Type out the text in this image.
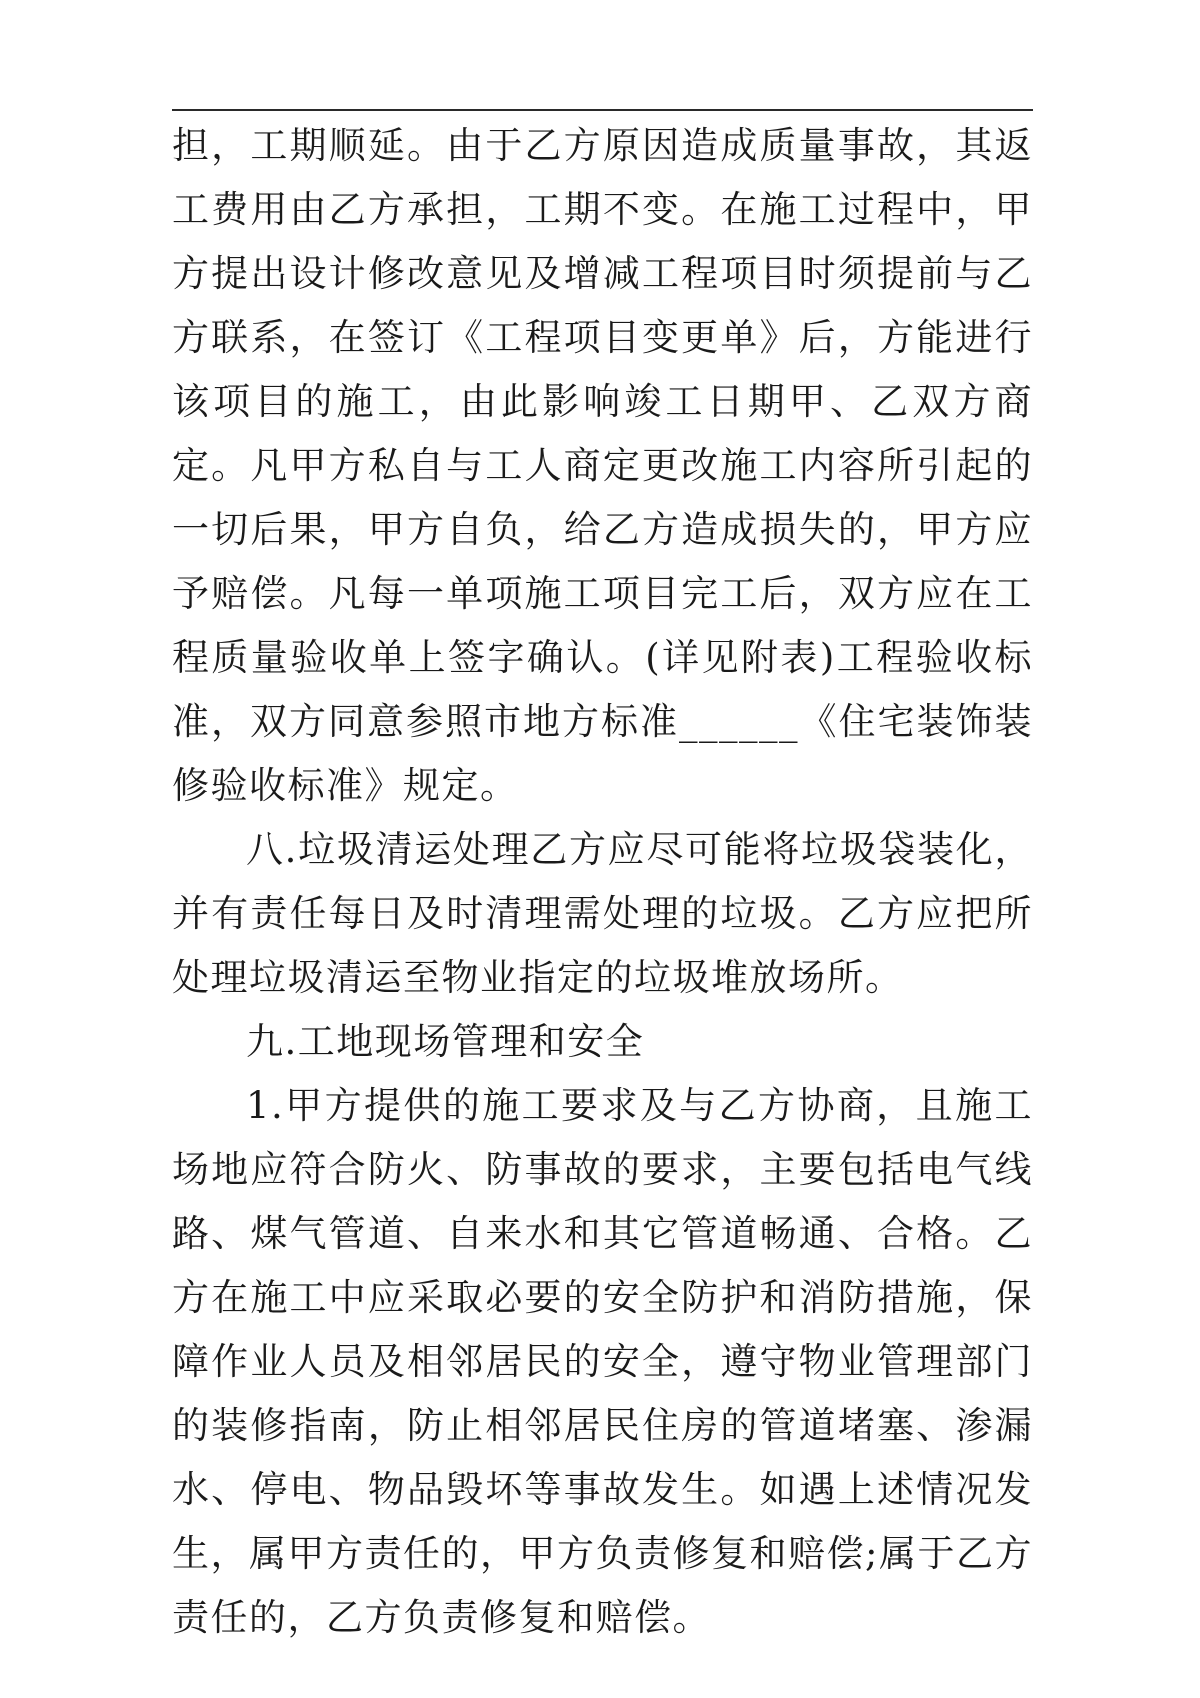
担，工期顺延。由于乙方原因造成质量事故，其返工费用由乙方承担，工期不变。在施工过程中，甲方提出设计修改意见及增减工程项目时须提前与乙方联系，在签订《工程项目变更单》后，方能进行该项目的施工，由此影响竣工日期甲、乙双方商定。凡甲方私自与工人商定更改施工内容所引起的一切后果，甲方自负，给乙方造成损失的，甲方应予赔偿。凡每一单项施工项目完工后，双方应在工程质量验收单上签字确认。(详见附表)工程验收标准，双方同意参照市地方标准______《住宅装饰装修验收标准》规定。

八.垃圾清运处理乙方应尽可能将垃圾袋装化，并有责任每日及时清理需处理的垃圾。乙方应把所处理垃圾清运至物业指定的垃圾堆放场所。

九.工地现场管理和安全

1.甲方提供的施工要求及与乙方协商，且施工场地应符合防火、防事故的要求，主要包括电气线路、煤气管道、自来水和其它管道畅通、合格。乙方在施工中应采取必要的安全防护和消防措施，保障作业人员及相邻居民的安全，遵守物业管理部门的装修指南，防止相邻居民住房的管道堵塞、渗漏水、停电、物品毁坏等事故发生。如遇上述情况发生，属甲方责任的，甲方负责修复和赔偿;属于乙方责任的，乙方负责修复和赔偿。
